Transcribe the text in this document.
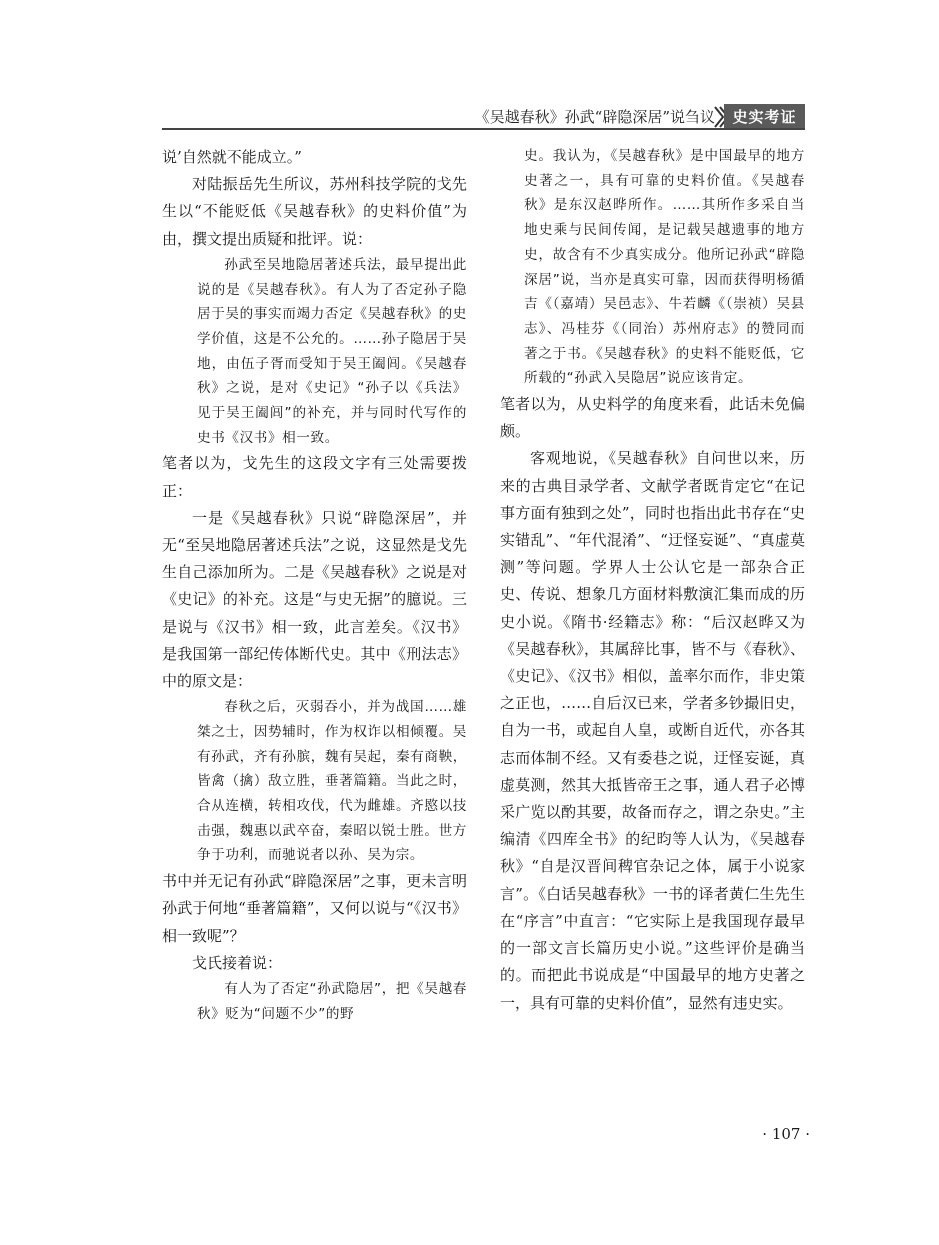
《吴越春秋》孙武“辟隐深居”说刍议	史实考证

说’自然就不能成立。”

对陆振岳先生所议，苏州科技学院的戈先生以“不能贬低《吴越春秋》的史料价值”为由，撰文提出质疑和批评。说：

孙武至吴地隐居著述兵法，最早提出此说的是《吴越春秋》。有人为了否定孙子隐居于吴的事实而竭力否定《吴越春秋》的史学价值，这是不公允的。……孙子隐居于吴地，由伍子胥而受知于吴王阖闾。《吴越春秋》之说，是对《史记》“孙子以《兵法》见于吴王阖闾”的补充，并与同时代写作的史书《汉书》相一致。

笔者以为，戈先生的这段文字有三处需要拨正：

一是《吴越春秋》只说“辟隐深居”，并无“至吴地隐居著述兵法”之说，这显然是戈先生自己添加所为。二是《吴越春秋》之说是对《史记》的补充。这是“与史无据”的臆说。三是说与《汉书》相一致，此言差矣。《汉书》是我国第一部纪传体断代史。其中《刑法志》中的原文是：

春秋之后，灭弱吞小，并为战国……雄桀之士，因势辅时，作为权诈以相倾覆。吴有孙武，齐有孙膑，魏有吴起，秦有商鞅，皆禽（擒）敌立胜，垂著篇籍。当此之时，合从连横，转相攻伐，代为雌雄。齐愍以技击强，魏惠以武卒奋，秦昭以锐士胜。世方争于功利，而驰说者以孙、吴为宗。

书中并无记有孙武“辟隐深居”之事，更未言明孙武于何地“垂著篇籍”，又何以说与“《汉书》相一致呢”？

戈氏接着说：

有人为了否定“孙武隐居”，把《吴越春秋》贬为“问题不少”的野

史。我认为，《吴越春秋》是中国最早的地方史著之一，具有可靠的史料价值。《吴越春秋》是东汉赵晔所作。……其所作多采自当地史乘与民间传闻，是记载吴越遗事的地方史，故含有不少真实成分。他所记孙武“辟隐深居”说，当亦是真实可靠，因而获得明杨循吉《（嘉靖）吴邑志》、牛若麟《（崇祯）吴县志》、冯桂芬《（同治）苏州府志》的赞同而著之于书。《吴越春秋》的史料不能贬低，它所载的“孙武入吴隐居”说应该肯定。

笔者以为，从史料学的角度来看，此话未免偏颇。

客观地说，《吴越春秋》自问世以来，历来的古典目录学者、文献学者既肯定它“在记事方面有独到之处”，同时也指出此书存在“史实错乱”、“年代混淆”、“迂怪妄诞”、“真虚莫测”等问题。学界人士公认它是一部杂合正史、传说、想象几方面材料敷演汇集而成的历史小说。《隋书·经籍志》称：“后汉赵晔又为《吴越春秋》，其属辞比事，皆不与《春秋》、《史记》、《汉书》相似，盖率尔而作，非史策之正也，……自后汉已来，学者多钞撮旧史，自为一书，或起自人皇，或断自近代，亦各其志而体制不经。又有委巷之说，迂怪妄诞，真虚莫测，然其大抵皆帝王之事，通人君子必博采广览以酌其要，故备而存之，谓之杂史。”主编清《四库全书》的纪昀等人认为，《吴越春秋》“自是汉晋间稗官杂记之体，属于小说家言”。《白话吴越春秋》一书的译者黄仁生先生在“序言”中直言：“它实际上是我国现存最早的一部文言长篇历史小说。”这些评价是确当的。而把此书说成是“中国最早的地方史著之一，具有可靠的史料价值”，显然有违史实。

· 107 ·
